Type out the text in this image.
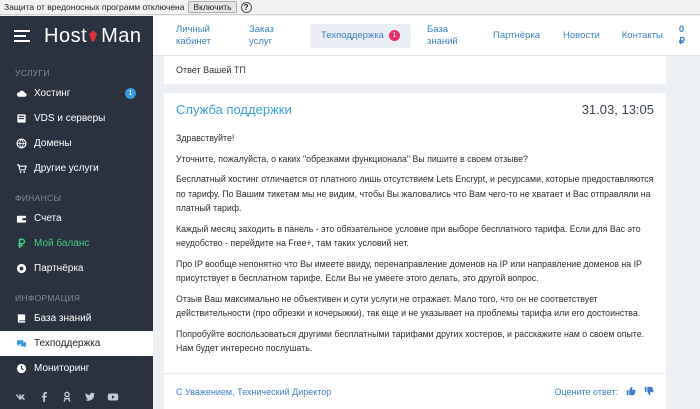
Защита от вредоносных программ отключена	Включить	?
Host Man
УСЛУГИ
Хостинг	1
VDS и серверы
Домены
Другие услуги
ФИНАНСЫ
Счета
Мой баланс
Партнёрка
ИНФОРМАЦИЯ
База знаний
Техподдержка
Мониторинг
Личный
кабинет
Заказ
услуг
Техподдержка	1
База
знаний
Партнёрка Новости Контакты
0
₽
Ответ Вашей ТП
Служба поддержки	31.03, 13:05

Здравствуйте!

Уточните, пожалуйста, о каких "обрезками функционала" Вы пишите в своем отзыве?

Бесплатный хостинг отличается от платного лишь отсутствием Lets Encrypt, и ресурсами, которые предоставляются по тарифу. По Вашим тикетам мы не видим, чтобы Вы жаловались что Вам чего-то не хватает и Вас отправляли на платный тариф.

Каждый месяц заходить в панель - это обязательное условие при выборе бесплатного тарифа. Если для Вас это неудобство - перейдите на Free+, там таких условий нет.

Про IP вообще непонятно что Вы имеете ввиду, перенаправление доменов на IP или направление доменов на IP присутствует в бесплатном тарифе. Если Вы не умеете этого делать, это другой вопрос.

Отзыв Ваш максимально не объективен и сути услуги не отражает. Мало того, что он не соответствует действительности (про обрезки и кочерыжки), так еще и не указывает на проблемы тарифа или его достоинства.

Попробуйте воспользоваться другими бесплатными тарифами других хостеров, и расскажите нам о своем опыте. Нам будет интересно послушать.

С Уважением, Технический Директор	Оцените ответ:
